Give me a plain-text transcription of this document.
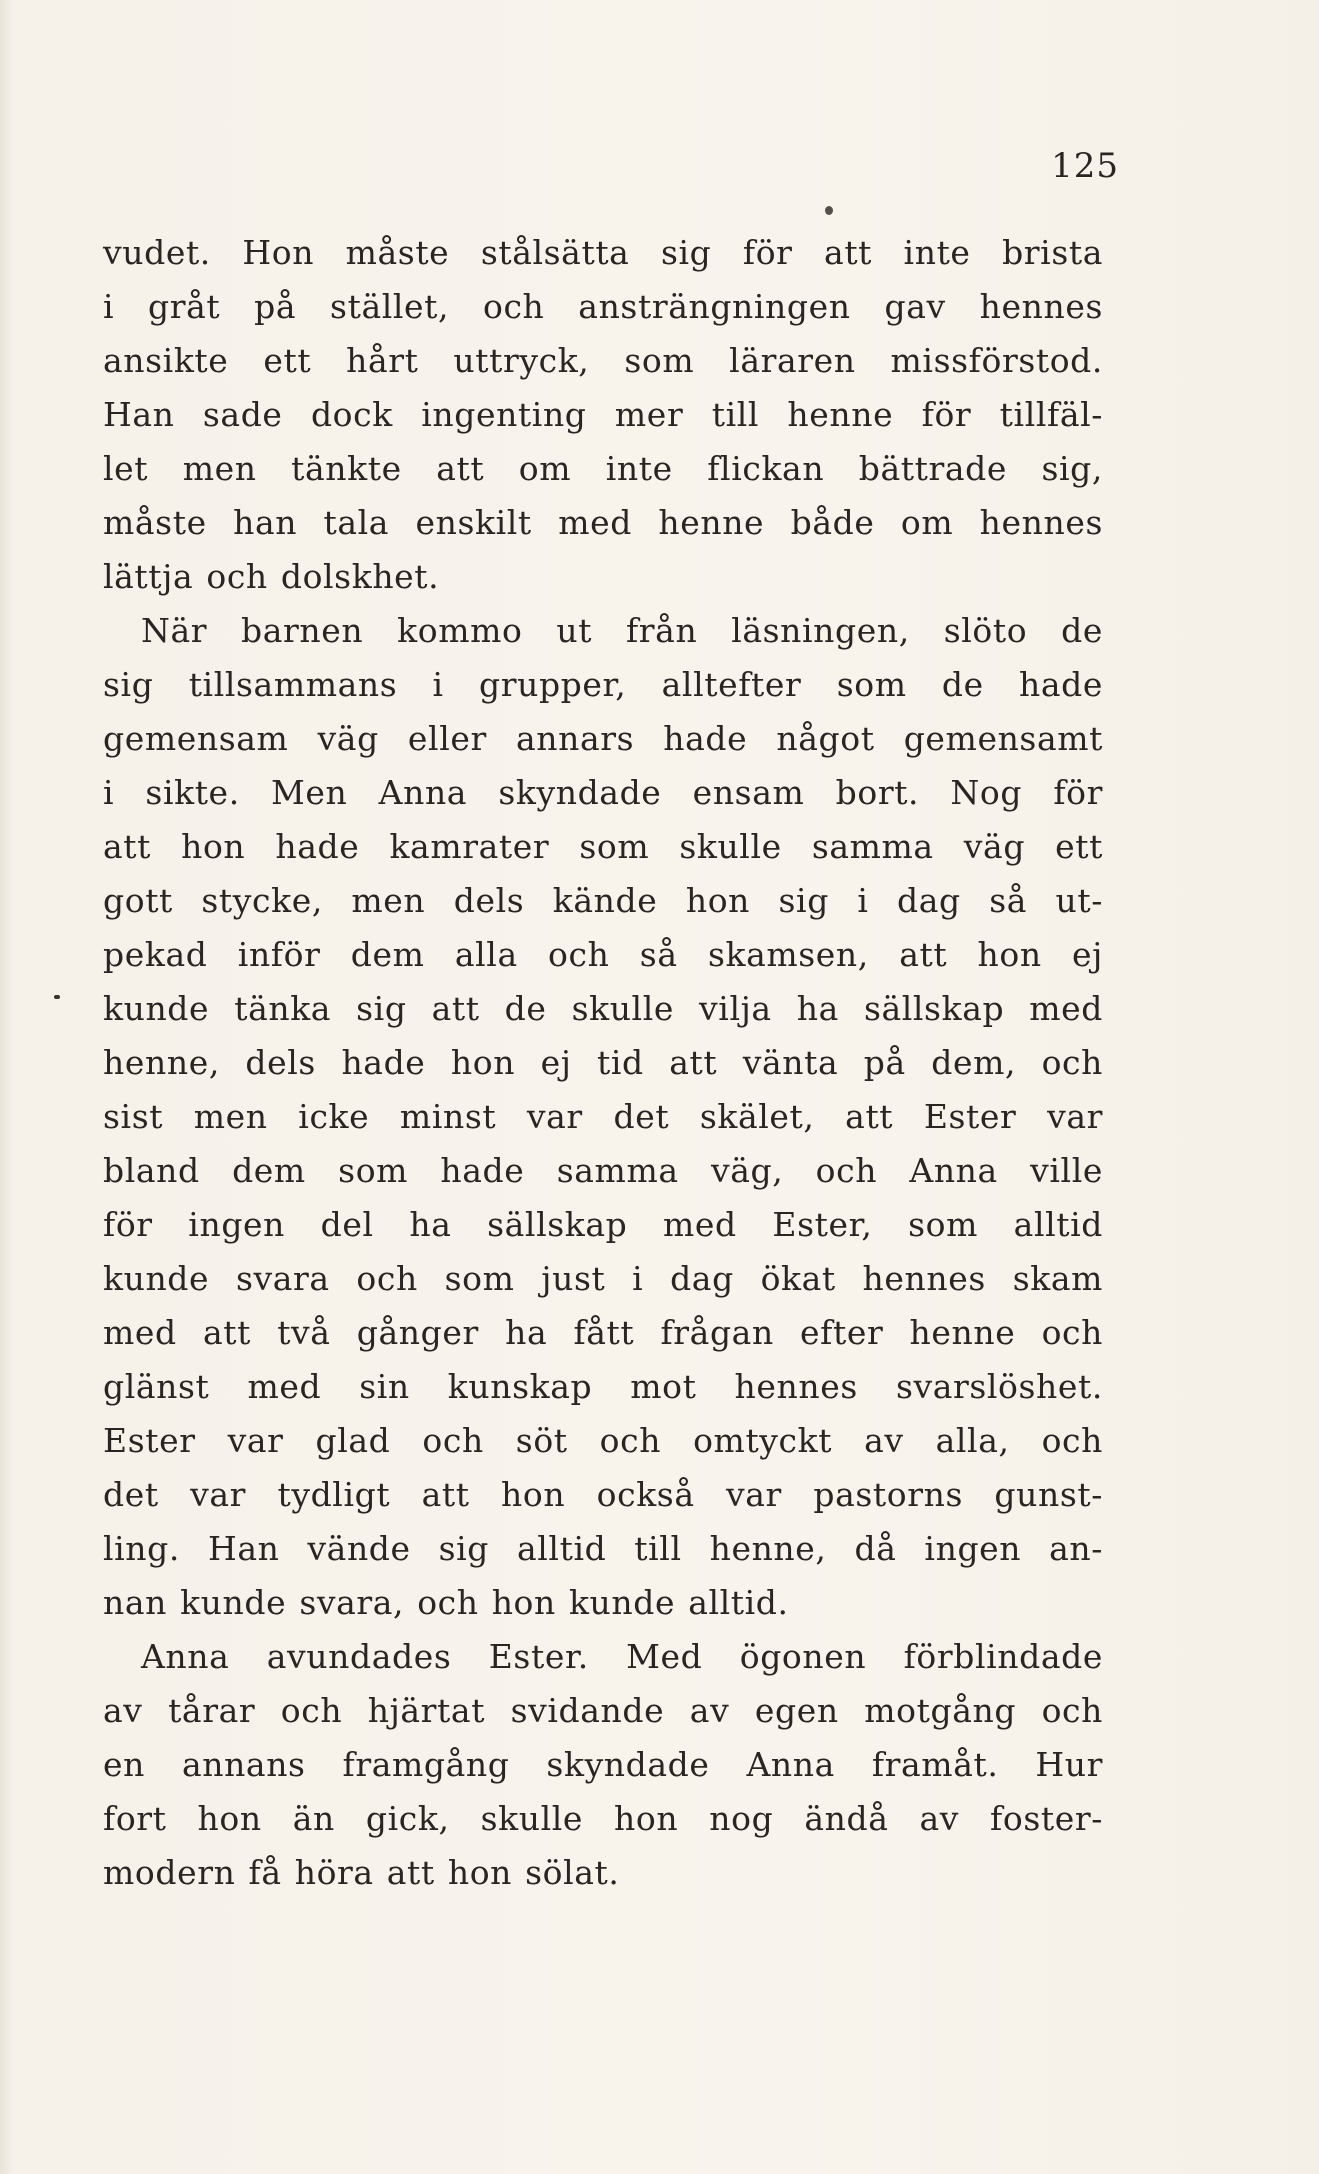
125
vudet. Hon måste stålsätta sig för att inte brista
i gråt på stället, och ansträngningen gav hennes
ansikte ett hårt uttryck, som läraren missförstod.
Han sade dock ingenting mer till henne för tillfäl-
let men tänkte att om inte flickan bättrade sig,
måste han tala enskilt med henne både om hennes
lättja och dolskhet.
När barnen kommo ut från läsningen, slöto de
sig tillsammans i grupper, alltefter som de hade
gemensam väg eller annars hade något gemensamt
i sikte. Men Anna skyndade ensam bort. Nog för
att hon hade kamrater som skulle samma väg ett
gott stycke, men dels kände hon sig i dag så ut-
pekad inför dem alla och så skamsen, att hon ej
kunde tänka sig att de skulle vilja ha sällskap med
henne, dels hade hon ej tid att vänta på dem, och
sist men icke minst var det skälet, att Ester var
bland dem som hade samma väg, och Anna ville
för ingen del ha sällskap med Ester, som alltid
kunde svara och som just i dag ökat hennes skam
med att två gånger ha fått frågan efter henne och
glänst med sin kunskap mot hennes svarslöshet.
Ester var glad och söt och omtyckt av alla, och
det var tydligt att hon också var pastorns gunst-
ling. Han vände sig alltid till henne, då ingen an-
nan kunde svara, och hon kunde alltid.
Anna avundades Ester. Med ögonen förblindade
av tårar och hjärtat svidande av egen motgång och
en annans framgång skyndade Anna framåt. Hur
fort hon än gick, skulle hon nog ändå av foster-
modern få höra att hon sölat.
